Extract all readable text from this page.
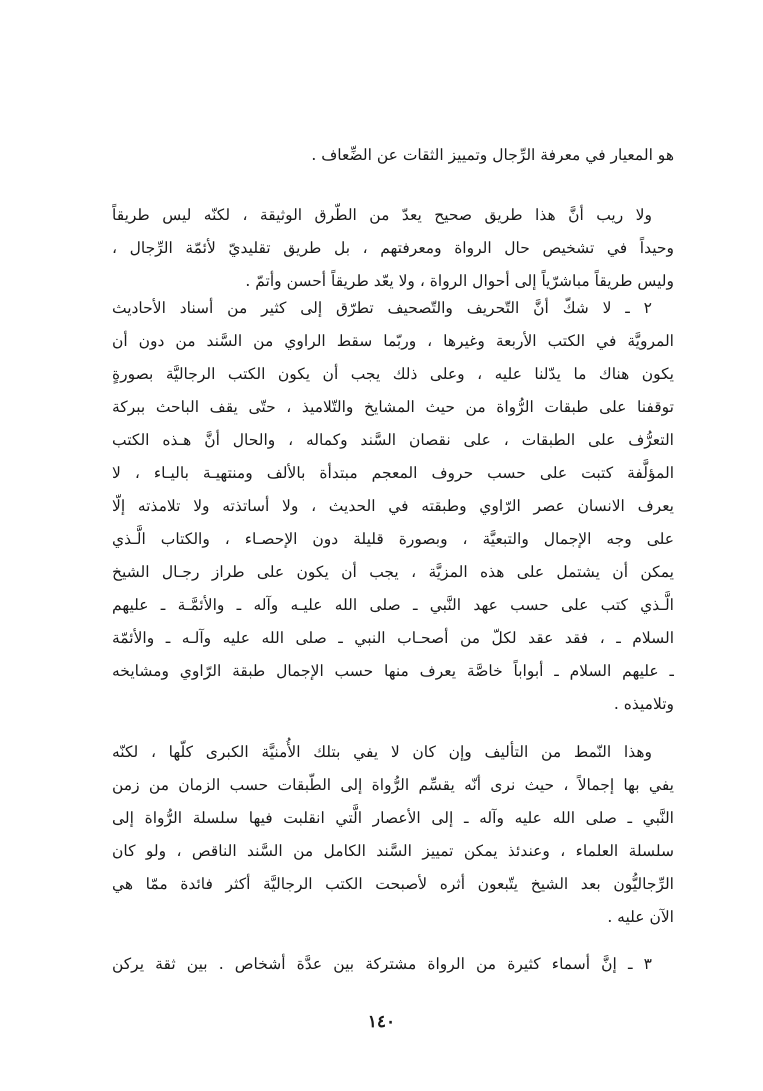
هو المعيار في معرفة الرِّجال وتمييز الثقات عن الضِّعاف .
ولا ريب أنَّ هذا طريق صحيح يعدّ من الطّرق الوثيقة ، لكنّه ليس طريقاً
وحيداً في تشخيص حال الرواة ومعرفتهم ، بل طريق تقليديّ لأئمّة الرِّجال ،
وليس طريقاً مباشرّياً إلى أحوال الرواة ، ولا يعّد طريقاً أحسن وأتمّ .
٢ ـ لا شكّ أنَّ التّحريف والتّصحيف تطرّق إلى كثير من أسناد الأحاديث
المرويَّة في الكتب الأربعة وغيرها ، وربّما سقط الراوي من السَّند من دون أن
يكون هناك ما يدّلنا عليه ، وعلى ذلك يجب أن يكون الكتب الرجاليَّة بصورةٍ
توقفنا على طبقات الرُّواة من حيث المشايخ والتّلاميذ ، حتّى يقف الباحث ببركة
التعرُّف على الطبقات ، على نقصان السَّند وكماله ، والحال أنَّ هـذه الكتب
المؤلَّفة كتبت على حسب حروف المعجم مبتدأة بالألف ومنتهيـة باليـاء ، لا
يعرف الانسان عصر الرّاوي وطبقته في الحديث ، ولا أساتذته ولا تلامذته إلّا
على وجه الإجمال والتبعيَّة ، وبصورة قليلة دون الإحصـاء ، والكتاب الَّـذي
يمكن أن يشتمل على هذه المزيَّة ، يجب أن يكون على طراز رجـال الشيخ
الَّـذي كتب على حسب عهد النَّبي ـ صلى الله عليـه وآله ـ والأئمَّـة ـ عليهم
السلام ـ ، فقد عقد لكلّ من أصحـاب النبي ـ صلى الله عليه وآلـه ـ والأئمّة
ـ عليهم السلام ـ أبواباً خاصَّة يعرف منها حسب الإجمال طبقة الرّاوي ومشايخه
وتلاميذه .
وهذا النّمط من التأليف وإن كان لا يفي بتلك الأُمنيَّة الكبرى كلّها ، لكنّه
يفي بها إجمالاً ، حيث نرى أنّه يقسِّم الرُّواة إلى الطّبقات حسب الزمان من زمن
النَّبي ـ صلى الله عليه وآله ـ إلى الأعصار الَّتي انقلبت فيها سلسلة الرُّواة إلى
سلسلة العلماء ، وعندئذ يمكن تمييز السَّند الكامل من السَّند الناقص ، ولو كان
الرِّجاليُّون بعد الشيخ يتّبعون أثره لأصبحت الكتب الرجاليَّة أكثر فائدة ممّا هي
الآن عليه .
٣ ـ إنَّ أسماء كثيرة من الرواة مشتركة بين عدَّة أشخاص . بين ثقة يركن
١٤٠
